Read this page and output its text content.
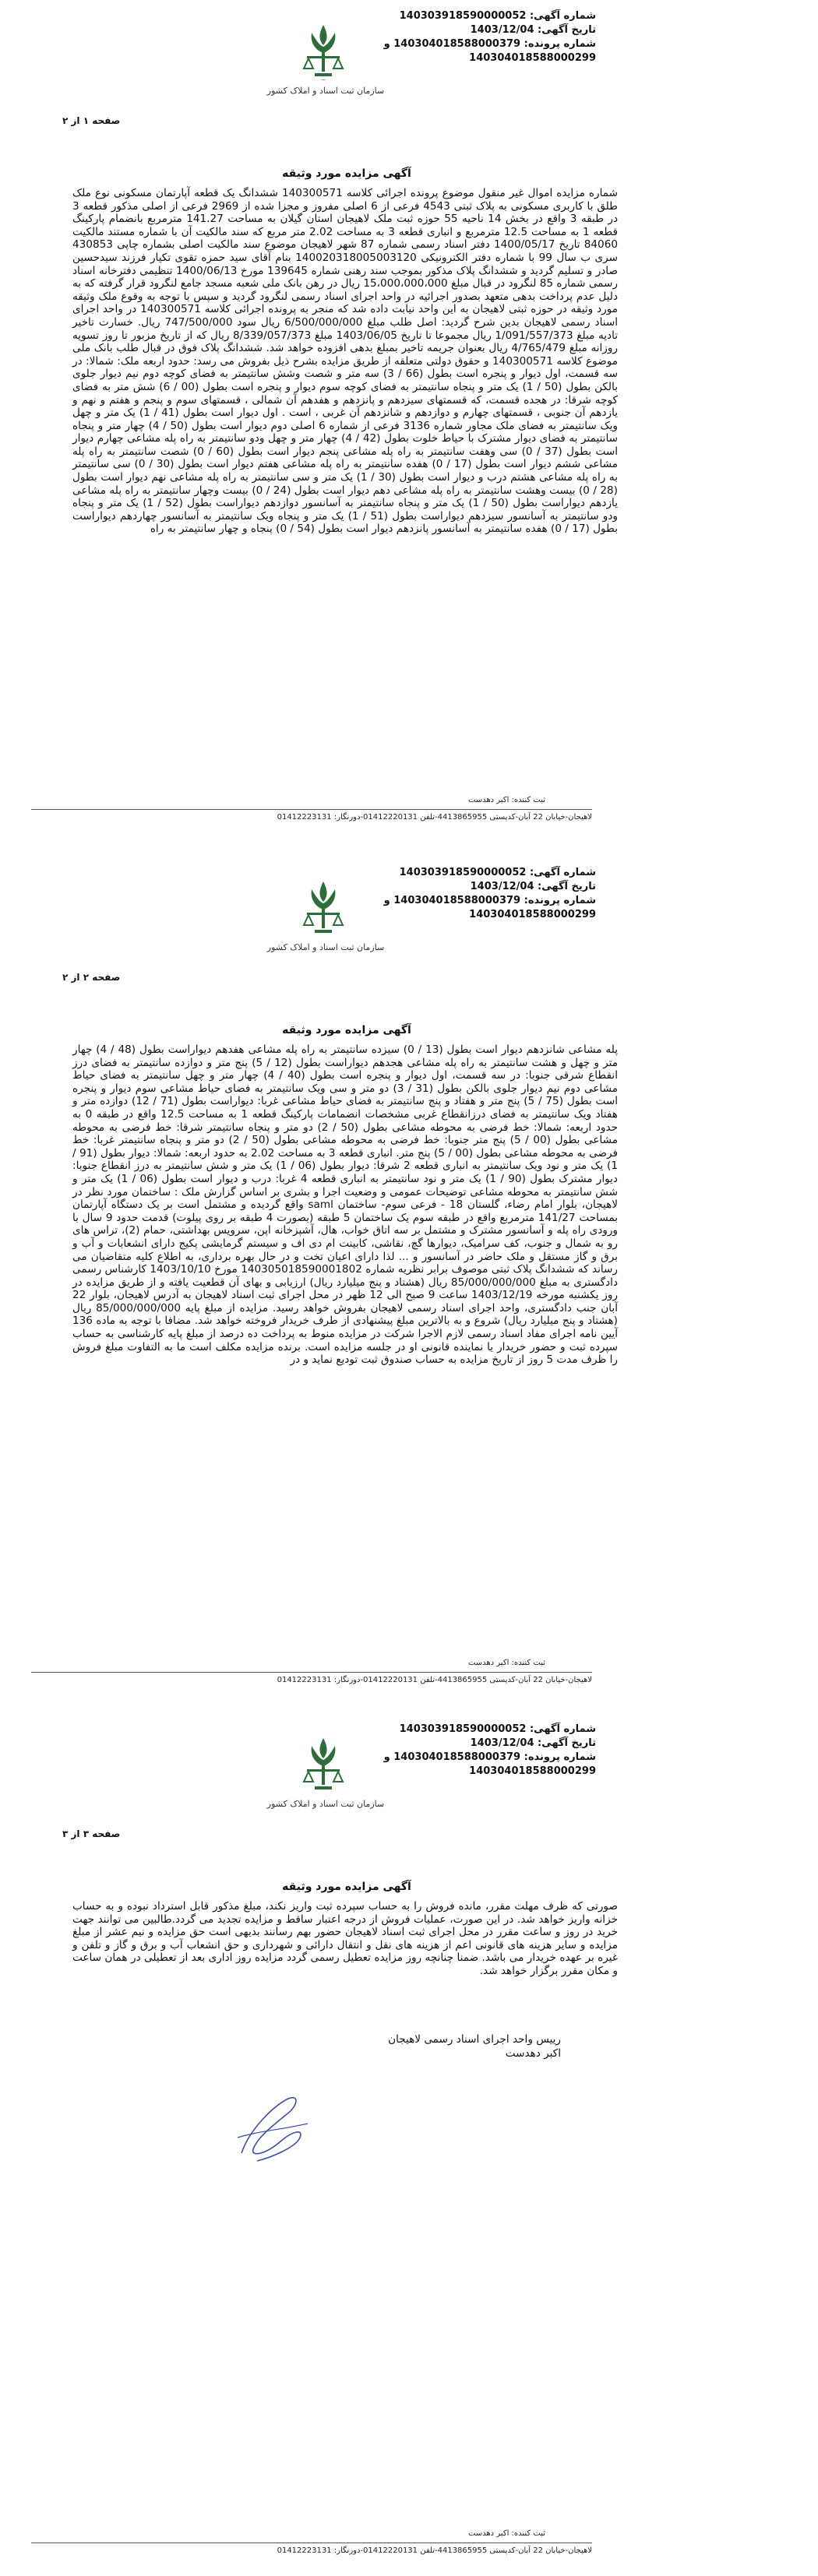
شماره آگهی: 140303918590000052
تاریخ آگهی: 1403/12/04
شماره پرونده: 140304018588000379 و
140304018588000299
~
سازمان ثبت اسناد و املاک کشور
صفحه ۱ از ۲
آگهی مزایده مورد وثیقه
شماره مزایده اموال غیر منقول موضوع پرونده اجرائی کلاسه 140300571 ششدانگ یک قطعه آپارتمان مسکونی نوع ملک طلق با کاربری مسکونی به پلاک ثبتی 4543 فرعی از 6 اصلی مفروز و مجزا شده از 2969 فرعی از اصلی مذکور قطعه 3 در طبقه 3 واقع در بخش 14 ناحیه 55 حوزه ثبت ملک لاهیجان استان گیلان به مساحت 141.27 مترمربع بانضمام پارکینگ قطعه 1 به مساحت 12.5 مترمربع و انباری قطعه 3 به مساحت 2.02 متر مربع که سند مالکیت آن با شماره مستند مالکیت 84060 تاریخ 1400/05/17 دفتر اسناد رسمی شماره 87 شهر لاهیجان موضوع سند مالکیت اصلی بشماره چاپی 430853 سری ب سال 99 با شماره دفتر الکترونیکی 140020318005003120 بنام آقای سید حمزه تقوی تکیار فرزند سیدحسین صادر و تسلیم گردید و ششدانگ پلاک مذکور بموجب سند رهنی شماره 139645 مورخ 1400/06/13 تنظیمی دفترخانه اسناد رسمی شماره 85 لنگرود در قبال مبلغ 15،000،000،000 ریال در رهن بانک ملی شعبه مسجد جامع لنگرود قرار گرفته که به دلیل عدم پرداخت بدهی متعهد بصدور اجرائیه در واحد اجرای اسناد رسمی لنگرود گردید و سپس با توجه به وقوع ملک وثیقه مورد وثیقه در حوزه ثبتی لاهیجان به این واحد نیابت داده شد که منجر به پرونده اجرائی کلاسه 140300571 در واحد اجرای اسناد رسمی لاهیجان بدین شرح گردید: اصل طلب مبلغ 6/500/000/000 ریال سود 747/500/000 ریال. خسارت تاخیر تادیه مبلغ 1/091/557/373 ریال مجموعا تا تاریخ 1403/06/05 مبلغ 8/339/057/373 ریال که از تاریخ مزبور تا روز تسویه روزانه مبلغ 4/765/479 ریال بعنوان جریمه تاخیر بمبلغ بدهی افزوده خواهد شد. ششدانگ پلاک فوق در قبال طلب بانک ملی موضوع کلاسه 140300571 و حقوق دولتی متعلقه از طریق مزایده بشرح ذیل بفروش می رسد: حدود اربعه ملک: شمالا: در سه قسمت، اول دیوار و پنجره است بطول (66 / 3) سه متر و شصت وشش سانتیمتر به فضای کوچه دوم نیم دیوار جلوی بالکن بطول (50 / 1) یک متر و پنجاه سانتیمتر به فضای کوچه سوم دیوار و پنجره است بطول (00 / 6) شش متر به فضای کوچه شرقا: در هجده قسمت، که قسمتهای سیزدهم و پانزدهم و هفدهم آن شمالی ، قسمتهای سوم و پنجم و هفتم و نهم و یازدهم آن جنوبی ، قسمتهای چهارم و دوازدهم و شانزدهم آن غربی ، است . اول دیوار است بطول (41 / 1) یک متر و چهل ویک سانتیمتر به فضای ملک مجاور شماره 3136 فرعی از شماره 6 اصلی دوم دیوار است بطول (50 / 4) چهار متر و پنجاه سانتیمتر به فضای دیوار مشترک با حیاط خلوت بطول (42 / 4) چهار متر و چهل ودو سانتیمتر به راه پله مشاعی چهارم دیوار است بطول (37 / 0) سی وهفت سانتیمتر به راه پله مشاعی پنجم دیوار است بطول (60 / 0) شصت سانتیمتر به راه پله مشاعی ششم دیوار است بطول (17 / 0) هفده سانتیمتر به راه پله مشاعی هفتم دیوار است بطول (30 / 0) سی سانتیمتر به راه پله مشاعی هشتم درب و دیوار است بطول (30 / 1) یک متر و سی سانتیمتر به راه پله مشاعی نهم دیوار است بطول (28 / 0) بیست وهشت سانتیمتر به راه پله مشاعی دهم دیوار است بطول (24 / 0) بیست وچهار سانتیمتر به راه پله مشاعی یازدهم دیواراست بطول (50 / 1) یک متر و پنجاه سانتیمتر به آسانسور دوازدهم دیواراست بطول (52 / 1) یک متر و پنجاه ودو سانتیمتر به آسانسور سیزدهم دیواراست بطول (51 / 1) یک متر و پنجاه ویک سانتیمتر به آسانسور چهاردهم دیواراست بطول (17 / 0) هفده سانتیمتر به آسانسور پانزدهم دیوار است بطول (54 / 0) پنجاه و چهار سانتیمتر به راه
ثبت کننده: اکبر دهدست
لاهیجان-خیابان 22 آبان-کدپستی 4413865955-تلفن 01412220131-دورنگار: 01412223131
شماره آگهی: 140303918590000052
تاریخ آگهی: 1403/12/04
شماره پرونده: 140304018588000379 و
140304018588000299
سازمان ثبت اسناد و املاک کشور
صفحه ۲ از ۲
آگهی مزایده مورد وثیقه
پله مشاعی شانزدهم دیوار است بطول (13 / 0) سیزده سانتیمتر به راه پله مشاعی هفدهم دیواراست بطول (48 / 4) چهار متر و چهل و هشت سانتیمتر به راه پله مشاعی هجدهم دیواراست بطول (12 / 5) پنج متر و دوازده سانتیمتر به فضای درز انقطاع شرقی جنوبا: در سه قسمت، اول دیوار و پنجره است بطول (40 / 4) چهار متر و چهل سانتیمتر به فضای حیاط مشاعی دوم نیم دیوار جلوی بالکن بطول (31 / 3) دو متر و سی ویک سانتیمتر به فضای حیاط مشاعی سوم دیوار و پنجره است بطول (75 / 5) پنج متر و هفتاد و پنج سانتیمتر به فضای حیاط مشاعی غربا: دیواراست بطول (71 / 12) دوازده متر و هفتاد ویک سانتیمتر به فضای درزانقطاع غربی مشخصات انضمامات پارکینگ قطعه 1 به مساحت 12.5 واقع در طبقه 0 به حدود اربعه: شمالا: خط فرضی به محوطه مشاعی بطول (50 / 2) دو متر و پنجاه سانتیمتر شرقا: خط فرضی به محوطه مشاعی بطول (00 / 5) پنج متر جنوبا: خط فرضی به محوطه مشاعی بطول (50 / 2) دو متر و پنجاه سانتیمتر غربا: خط فرضی به محوطه مشاعی بطول (00 / 5) پنج متر. انباری قطعه 3 به مساحت 2.02 به حدود اربعه: شمالا: دیوار بطول (91 / 1) یک متر و نود ویک سانتیمتر به انباری قطعه 2 شرقا: دیوار بطول (06 / 1) یک متر و شش سانتیمتر به درز انقطاع جنوبا: دیوار مشترک بطول (90 / 1) یک متر و نود سانتیمتر به انباری قطعه 4 غربا: درب و دیوار است بطول (06 / 1) یک متر و شش سانتیمتر به محوطه مشاعی توضیحات عمومی و وضعیت اجرا و بشری بر اساس گزارش ملک : ساختمان مورد نظر در لاهیجان، بلوار امام رضاء، گلستان 18 - فرعی سوم- ساختمان saml واقع گردیده و مشتمل است بر یک دستگاه آپارتمان بمساحت 141/27 مترمربع واقع در طبقه سوم یک ساختمان 5 طبقه (بصورت 4 طبقه بر روی پیلوت) قدمت حدود 9 سال با ورودی راه پله و آسانسور مشترک و مشتمل بر سه اتاق خواب، هال، آشپزخانه اپن، سرویس بهداشتی، حمام (2)، تراس های رو به شمال و جنوب، کف سرامیک، دیوارها گچ، نقاشی، کابینت ام دی اف و سیستم گرمایشی پکیج دارای انشعابات و آب و برق و گاز مستقل و ملک حاضر در آسانسور و ... لذا دارای اعیان تخت و در حال بهره برداری، به اطلاع کلیه متقاضیان می رساند که ششدانگ پلاک ثبتی موصوف برابر نظریه شماره 140305018590001802 مورخ 1403/10/10 کارشناس رسمی دادگستری به مبلغ 85/000/000/000 ریال (هشتاد و پنج میلیارد ریال) ارزیابی و بهای آن قطعیت یافته و از طریق مزایده در روز یکشنبه مورخه 1403/12/19 ساعت 9 صبح الی 12 ظهر در محل اجرای ثبت اسناد لاهیجان به آدرس لاهیجان، بلوار 22 آبان جنب دادگستری، واحد اجرای اسناد رسمی لاهیجان بفروش خواهد رسید. مزایده از مبلغ پایه 85/000/000/000 ریال (هشتاد و پنج میلیارد ریال) شروع و به بالاترین مبلغ پیشنهادی از طرف خریدار فروخته خواهد شد. مضافا با توجه به ماده 136 آیین نامه اجرای مفاد اسناد رسمی لازم الاجرا شرکت در مزایده منوط به پرداخت ده درصد از مبلغ پایه کارشناسی به حساب سپرده ثبت و حضور خریدار یا نماینده قانونی او در جلسه مزایده است. برنده مزایده مکلف است ما به التفاوت مبلغ فروش را ظرف مدت 5 روز از تاریخ مزایده به حساب صندوق ثبت تودیع نماید و در
ثبت کننده: اکبر دهدست
لاهیجان-خیابان 22 آبان-کدپستی 4413865955-تلفن 01412220131-دورنگار: 01412223131
شماره آگهی: 140303918590000052
تاریخ آگهی: 1403/12/04
شماره پرونده: 140304018588000379 و
140304018588000299
سازمان ثبت اسناد و املاک کشور
صفحه ۳ از ۳
آگهی مزایده مورد وثیقه
صورتی که ظرف مهلت مقرر، مانده فروش را به حساب سپرده ثبت واریز نکند، مبلغ مذکور قابل استرداد نبوده و به حساب خزانه واریز خواهد شد. در این صورت، عملیات فروش از درجه اعتبار ساقط و مزایده تجدید می گردد.طالبین می توانند جهت خرید در روز و ساعت مقرر در محل اجرای ثبت اسناد لاهیجان حضور بهم رسانند بدیهی است حق مزایده و نیم عشر از مبلغ مزایده و سایر هزینه های قانونی اعم از هزینه های نقل و انتقال دارائی و شهرداری و حق انشعاب آب و برق و گاز و تلفن و غیره بر عهده خریدار می باشد. ضمنا چنانچه روز مزایده تعطیل رسمی گردد مزایده روز اداری بعد از تعطیلی در همان ساعت و مکان مقرر برگزار خواهد شد.
رییس واحد اجرای اسناد رسمی لاهیجان
اکبر دهدست
ثبت کننده: اکبر دهدست
لاهیجان-خیابان 22 آبان-کدپستی 4413865955-تلفن 01412220131-دورنگار: 01412223131
